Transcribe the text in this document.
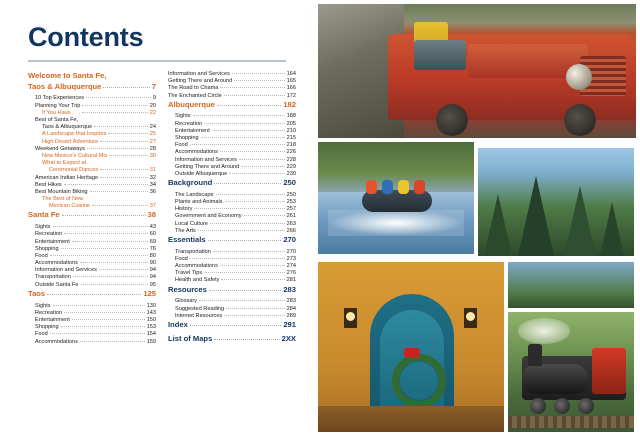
Contents
Welcome to Santa Fe,
Taos & Albuquerque	7
10 Top Experiences	9
Planning Your Trip	20
If You Have . . .	22
Best of Santa Fe,
Taos & Albuquerque	24
A Landscape that Inspires	25
High Desert Adventure	27
Weekend Getaways	28
New Mexico's Cultural Mix	30
What to Expect at
Ceremonial Dances	31
American Indian Heritage	32
Best Hikes	34
Best Mountain Biking	36
The Best of New
Mexican Cuisine	37
Santa Fe	38
Sights	43
Recreation	60
Entertainment	69
Shopping	76
Food	80
Accommodations	90
Information and Services	94
Transportation	94
Outside Santa Fe	95
Taos	125
Sights	130
Recreation	143
Entertainment	150
Shopping	153
Food	154
Accommodations	159
Information and Services	164
Getting There and Around	165
The Road to Chama	166
The Enchanted Circle	172
Albuquerque	182
Sights	188
Recreation	205
Entertainment	210
Shopping	215
Food	218
Accommodations	226
Information and Services	228
Getting There and Around	229
Outside Albuquerque	230
Background	250
The Landscape	250
Plants and Animals	253
History	257
Government and Economy	261
Local Culture	263
The Arts	266
Essentials	270
Transportation	270
Food	273
Accommodations	274
Travel Tips	276
Health and Safety	281
Resources	283
Glossary	283
Suggested Reading	284
Internet Resources	289
Index	291
List of Maps	2XX
